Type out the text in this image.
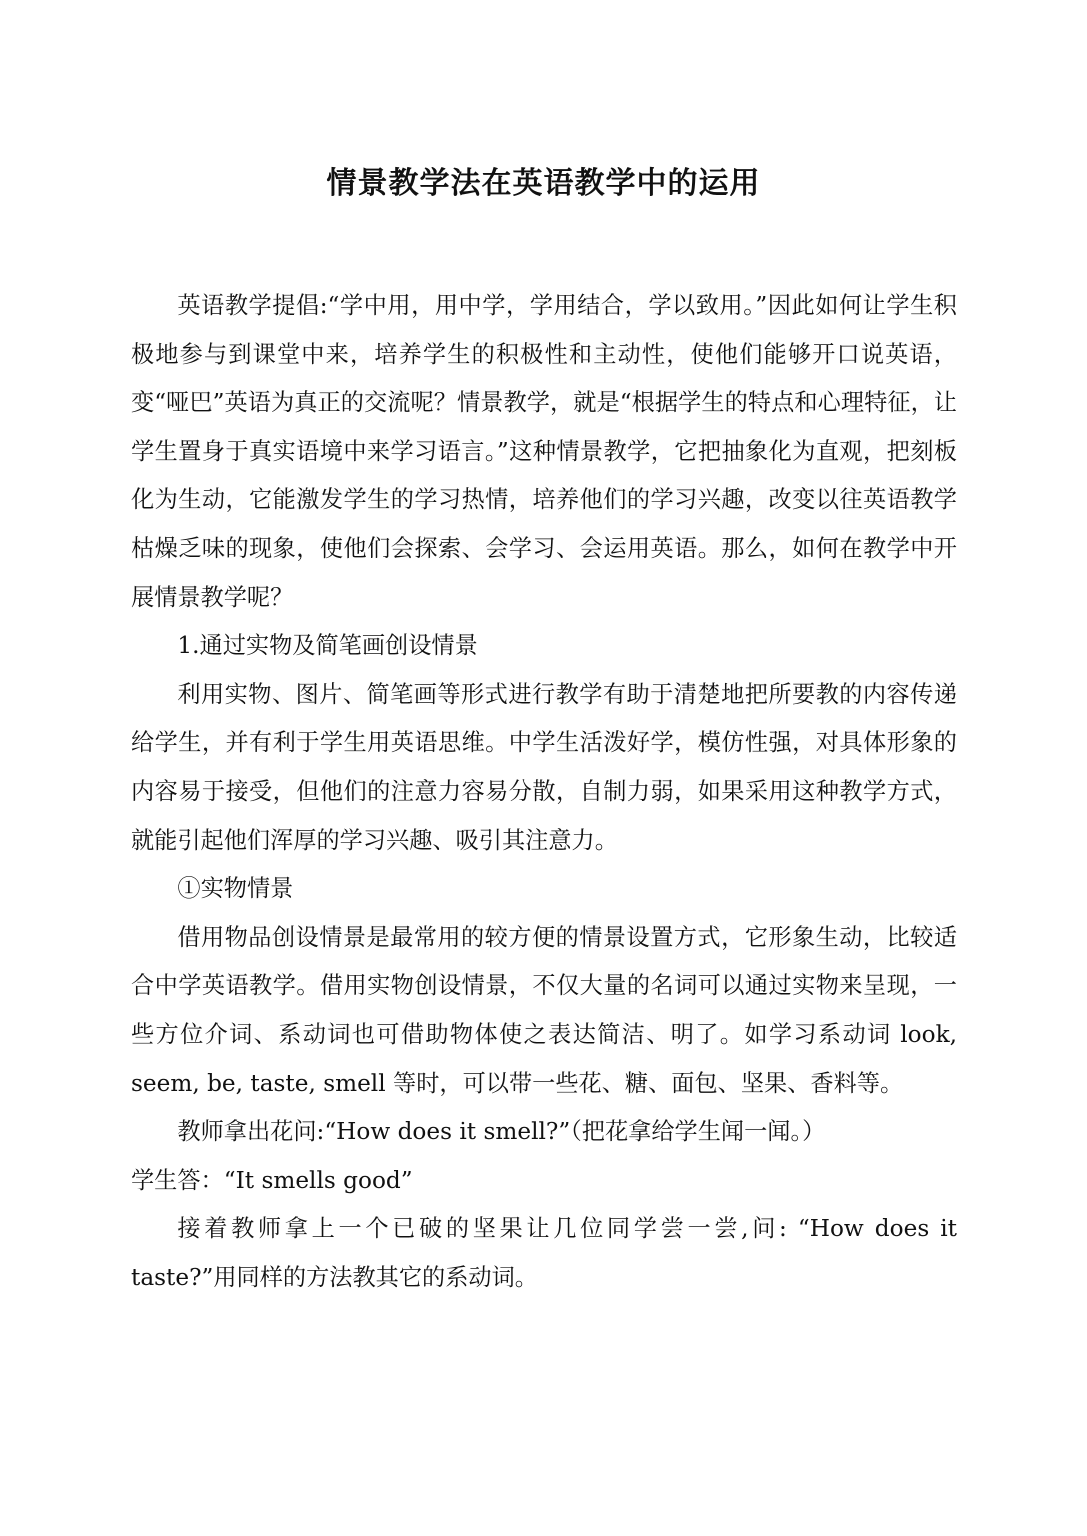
情景教学法在英语教学中的运用

英语教学提倡:“学中用，用中学，学用结合，学以致用。”因此如何让学生积极地参与到课堂中来，培养学生的积极性和主动性，使他们能够开口说英语，变“哑巴”英语为真正的交流呢？情景教学，就是“根据学生的特点和心理特征，让学生置身于真实语境中来学习语言。”这种情景教学，它把抽象化为直观，把刻板化为生动，它能激发学生的学习热情，培养他们的学习兴趣，改变以往英语教学枯燥乏味的现象，使他们会探索、会学习、会运用英语。那么，如何在教学中开展情景教学呢？

1.通过实物及简笔画创设情景

利用实物、图片、简笔画等形式进行教学有助于清楚地把所要教的内容传递给学生，并有利于学生用英语思维。中学生活泼好学，模仿性强，对具体形象的内容易于接受，但他们的注意力容易分散，自制力弱，如果采用这种教学方式，就能引起他们浑厚的学习兴趣、吸引其注意力。

①实物情景

借用物品创设情景是最常用的较方便的情景设置方式，它形象生动，比较适合中学英语教学。借用实物创设情景，不仅大量的名词可以通过实物来呈现，一些方位介词、系动词也可借助物体使之表达简洁、明了。如学习系动词 look, seem, be, taste, smell 等时，可以带一些花、糖、面包、坚果、香料等。

教师拿出花问:“How does it smell?”（把花拿给学生闻一闻。）

学生答：“It smells good”

接着教师拿上一个已破的坚果让几位同学尝一尝,问: “How does it taste?”用同样的方法教其它的系动词。
